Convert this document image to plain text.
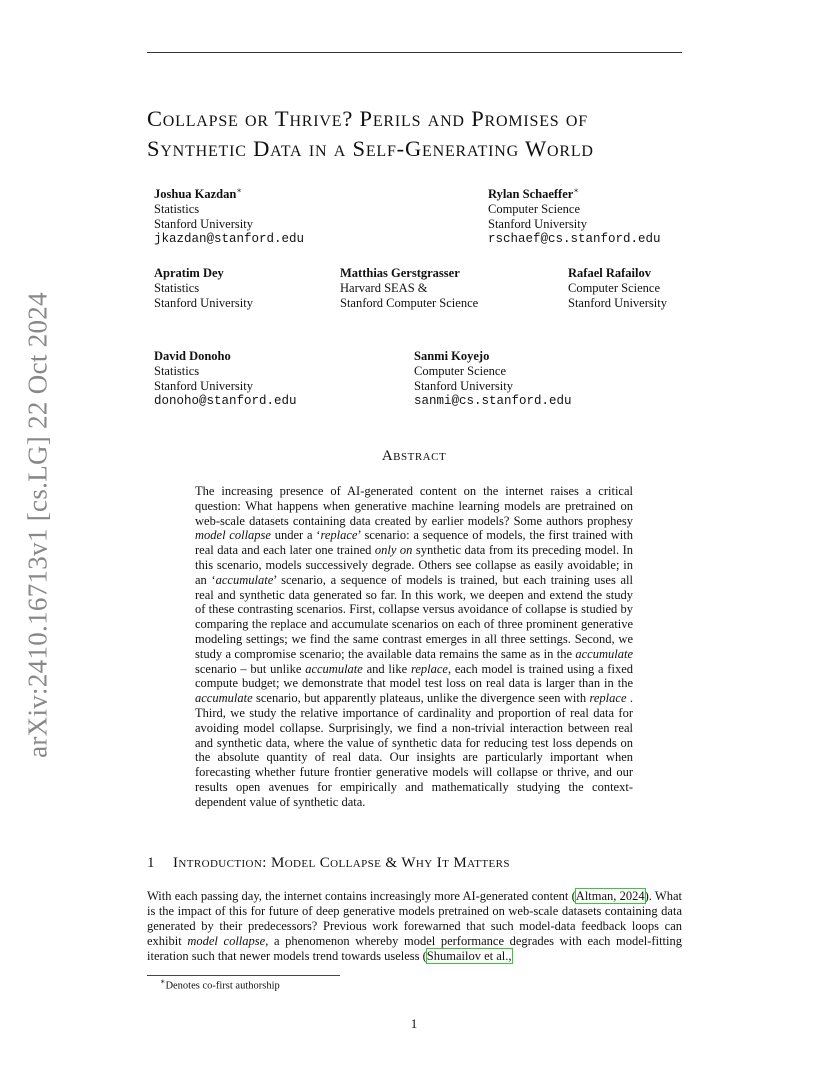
arXiv:2410.16713v1 [cs.LG] 22 Oct 2024
Collapse or Thrive? Perils and Promises of
Synthetic Data in a Self-Generating World
Joshua Kazdan∗
Statistics
Stanford University
jkazdan@stanford.edu
Rylan Schaeffer∗
Computer Science
Stanford University
rschaef@cs.stanford.edu
Apratim Dey
Statistics
Stanford University
Matthias Gerstgrasser
Harvard SEAS &
Stanford Computer Science
Rafael Rafailov
Computer Science
Stanford University
David Donoho
Statistics
Stanford University
donoho@stanford.edu
Sanmi Koyejo
Computer Science
Stanford University
sanmi@cs.stanford.edu
Abstract
The increasing presence of AI-generated content on the internet raises a critical question: What happens when generative machine learning models are pretrained on web-scale datasets containing data created by earlier models? Some authors prophesy model collapse under a ‘replace’ scenario: a sequence of models, the first trained with real data and each later one trained only on synthetic data from its preceding model. In this scenario, models successively degrade. Others see collapse as easily avoidable; in an ‘accumulate’ scenario, a sequence of models is trained, but each training uses all real and synthetic data generated so far. In this work, we deepen and extend the study of these contrasting scenarios. First, collapse versus avoidance of collapse is studied by comparing the replace and accumulate scenarios on each of three prominent generative modeling settings; we find the same contrast emerges in all three settings. Second, we study a compromise scenario; the available data remains the same as in the accumulate scenario – but unlike accumulate and like replace, each model is trained using a fixed compute budget; we demonstrate that model test loss on real data is larger than in the accumulate scenario, but apparently plateaus, unlike the divergence seen with replace . Third, we study the relative importance of cardinality and proportion of real data for avoiding model collapse. Surprisingly, we find a non-trivial interaction between real and synthetic data, where the value of synthetic data for reducing test loss depends on the absolute quantity of real data. Our insights are particularly important when forecasting whether future frontier generative models will collapse or thrive, and our results open avenues for empirically and mathematically studying the context-dependent value of synthetic data.
1 Introduction: Model Collapse & Why It Matters
With each passing day, the internet contains increasingly more AI-generated content (Altman, 2024). What is the impact of this for future of deep generative models pretrained on web-scale datasets containing data generated by their predecessors? Previous work forewarned that such model-data feedback loops can exhibit model collapse, a phenomenon whereby model performance degrades with each model-fitting iteration such that newer models trend towards useless (Shumailov et al.,
∗Denotes co-first authorship
1
